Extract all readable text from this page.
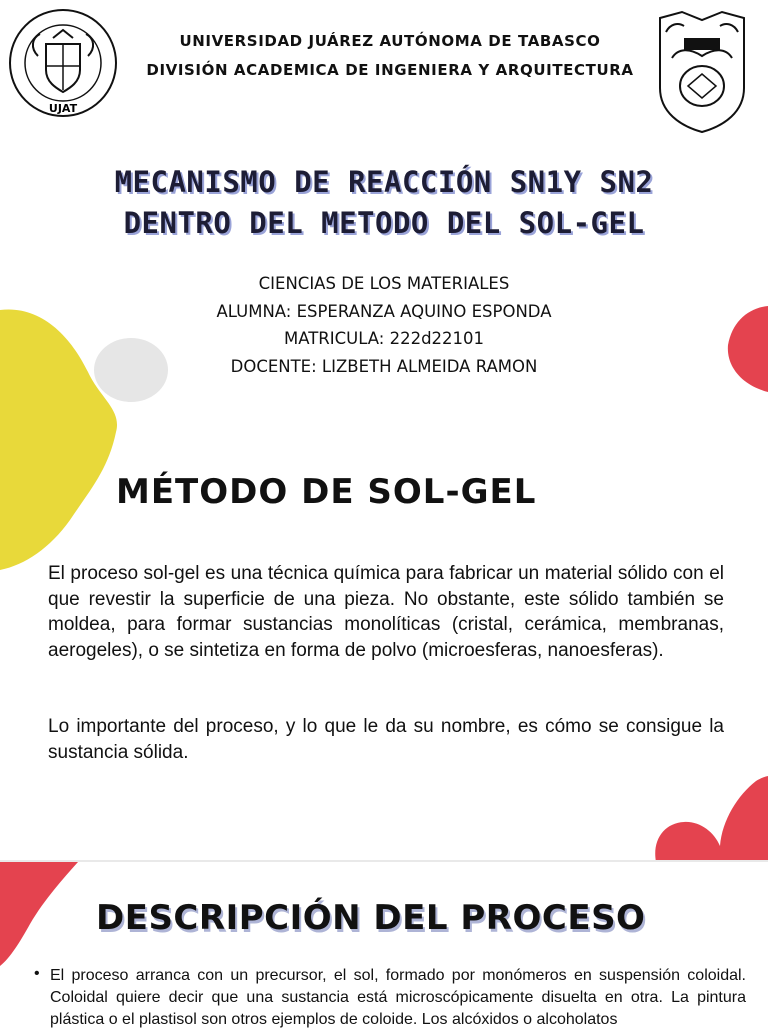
UJAT
UNIVERSIDAD JUÁREZ AUTÓNOMA DE TABASCO
DIVISIÓN ACADEMICA DE INGENIERA Y ARQUITECTURA
MECANISMO DE REACCIÓN SN1Y SN2
DENTRO DEL METODO DEL SOL-GEL
CIENCIAS DE LOS MATERIALES
ALUMNA: ESPERANZA AQUINO ESPONDA
MATRICULA: 222d22101
DOCENTE: LIZBETH ALMEIDA RAMON
MÉTODO DE SOL-GEL

El proceso sol-gel es una técnica química para fabricar un material sólido con el que revestir la superficie de una pieza. No obstante, este sólido también se moldea, para formar sustancias monolíticas (cristal, cerámica, membranas, aerogeles), o se sintetiza en forma de polvo (microesferas, nanoesferas).

Lo importante del proceso, y lo que le da su nombre, es cómo se consigue la sustancia sólida.

DESCRIPCIÓN DEL PROCESO
• El proceso arranca con un precursor, el sol, formado por monómeros en suspensión coloidal. Coloidal quiere decir que una sustancia está microscópicamente disuelta en otra. La pintura plástica o el plastisol son otros ejemplos de coloide. Los alcóxidos o alcoholatos
